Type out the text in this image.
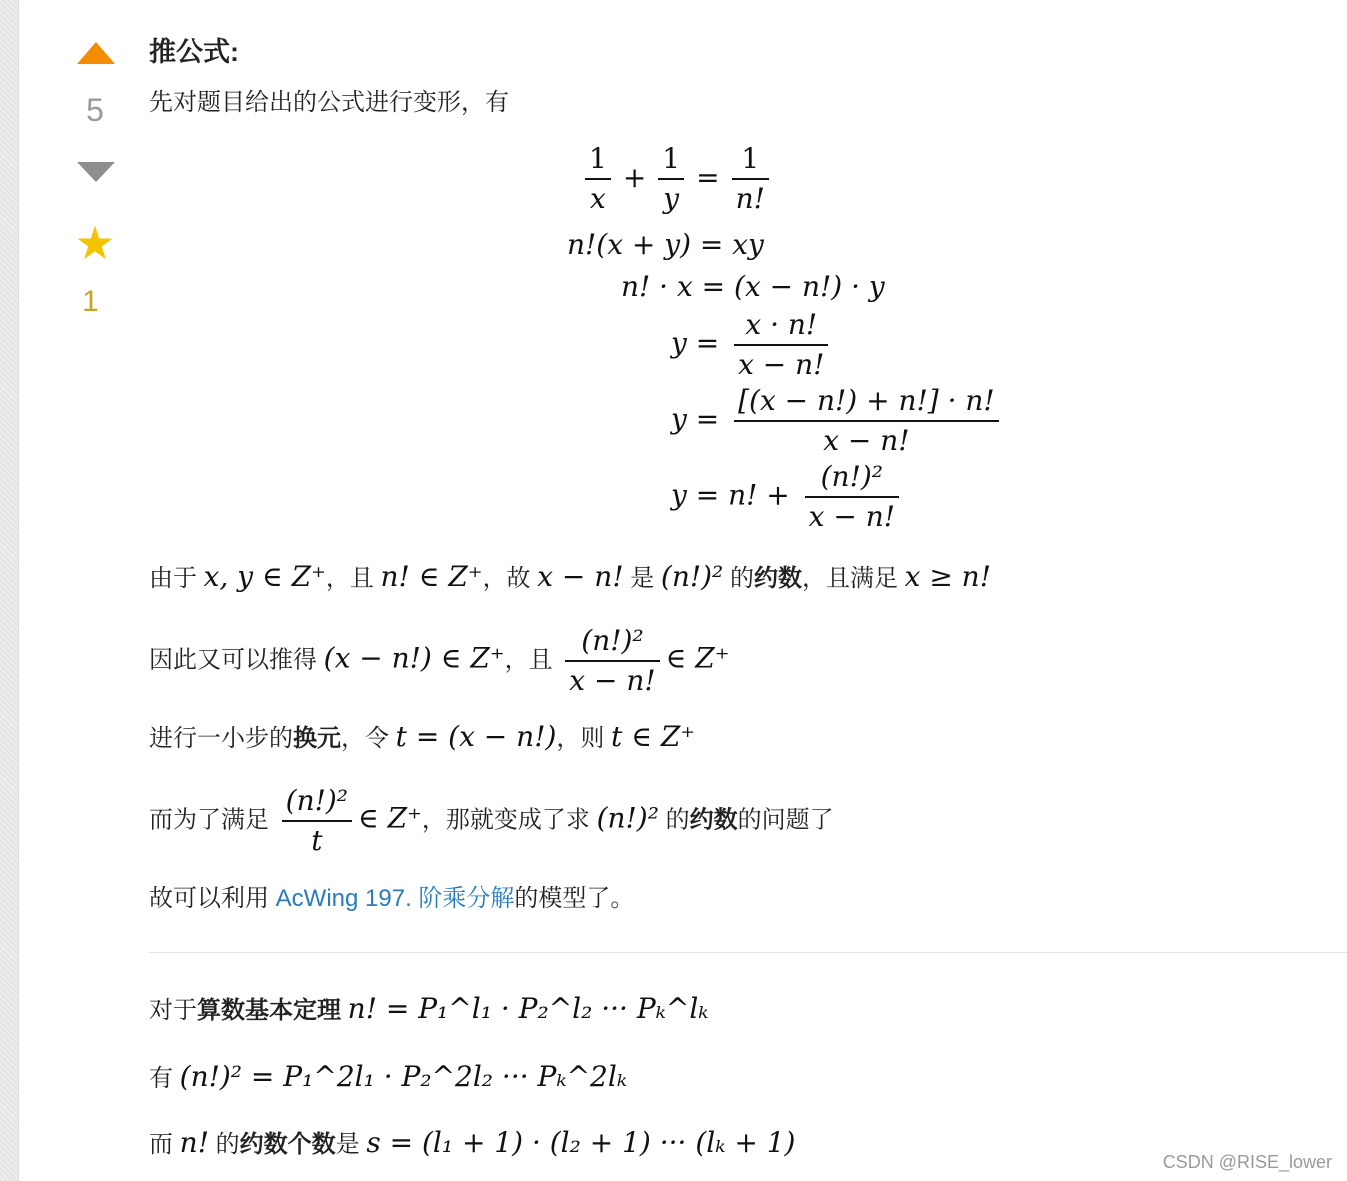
5
★
1
推公式:
先对题目给出的公式进行变形，有
$\frac{1}{x} + \frac{1}{y} = \frac{1}{n!}$
n!(x + y) = xy
n! · x = (x − n!) · y
$y = \frac{x \cdot n!}{x - n!}$
$y = \frac{[(x - n!) + n!] \cdot n!}{x - n!}$
y = n! + $\frac{\text{(n!)²}}{x - n!}$
由于 x, y ∈ Z⁺，且 n! ∈ Z⁺，故 x − n! 是 (n!)² 的约数，且满足 x ≥ n!
因此又可以推得 (x − n!) ∈ Z⁺，且 $\frac{\text{(n!)²}}{x - n!}$ ∈ Z⁺
进行一小步的换元，令 t = (x − n!)，则 t ∈ Z⁺
而为了满足 $\frac{\text{(n!)²}}{t}$ ∈ Z⁺，那就变成了求 (n!)² 的约数的问题了
故可以利用 AcWing 197. 阶乘分解的模型了。
对于算数基本定理 n! = P₁^l₁ · P₂^l₂ ··· Pₖ^lₖ
有 (n!)² = P₁^2l₁ · P₂^2l₂ ··· Pₖ^2lₖ
而 n! 的约数个数是 s = (l₁ + 1) · (l₂ + 1) ··· (lₖ + 1)
CSDN @RISE_lower
